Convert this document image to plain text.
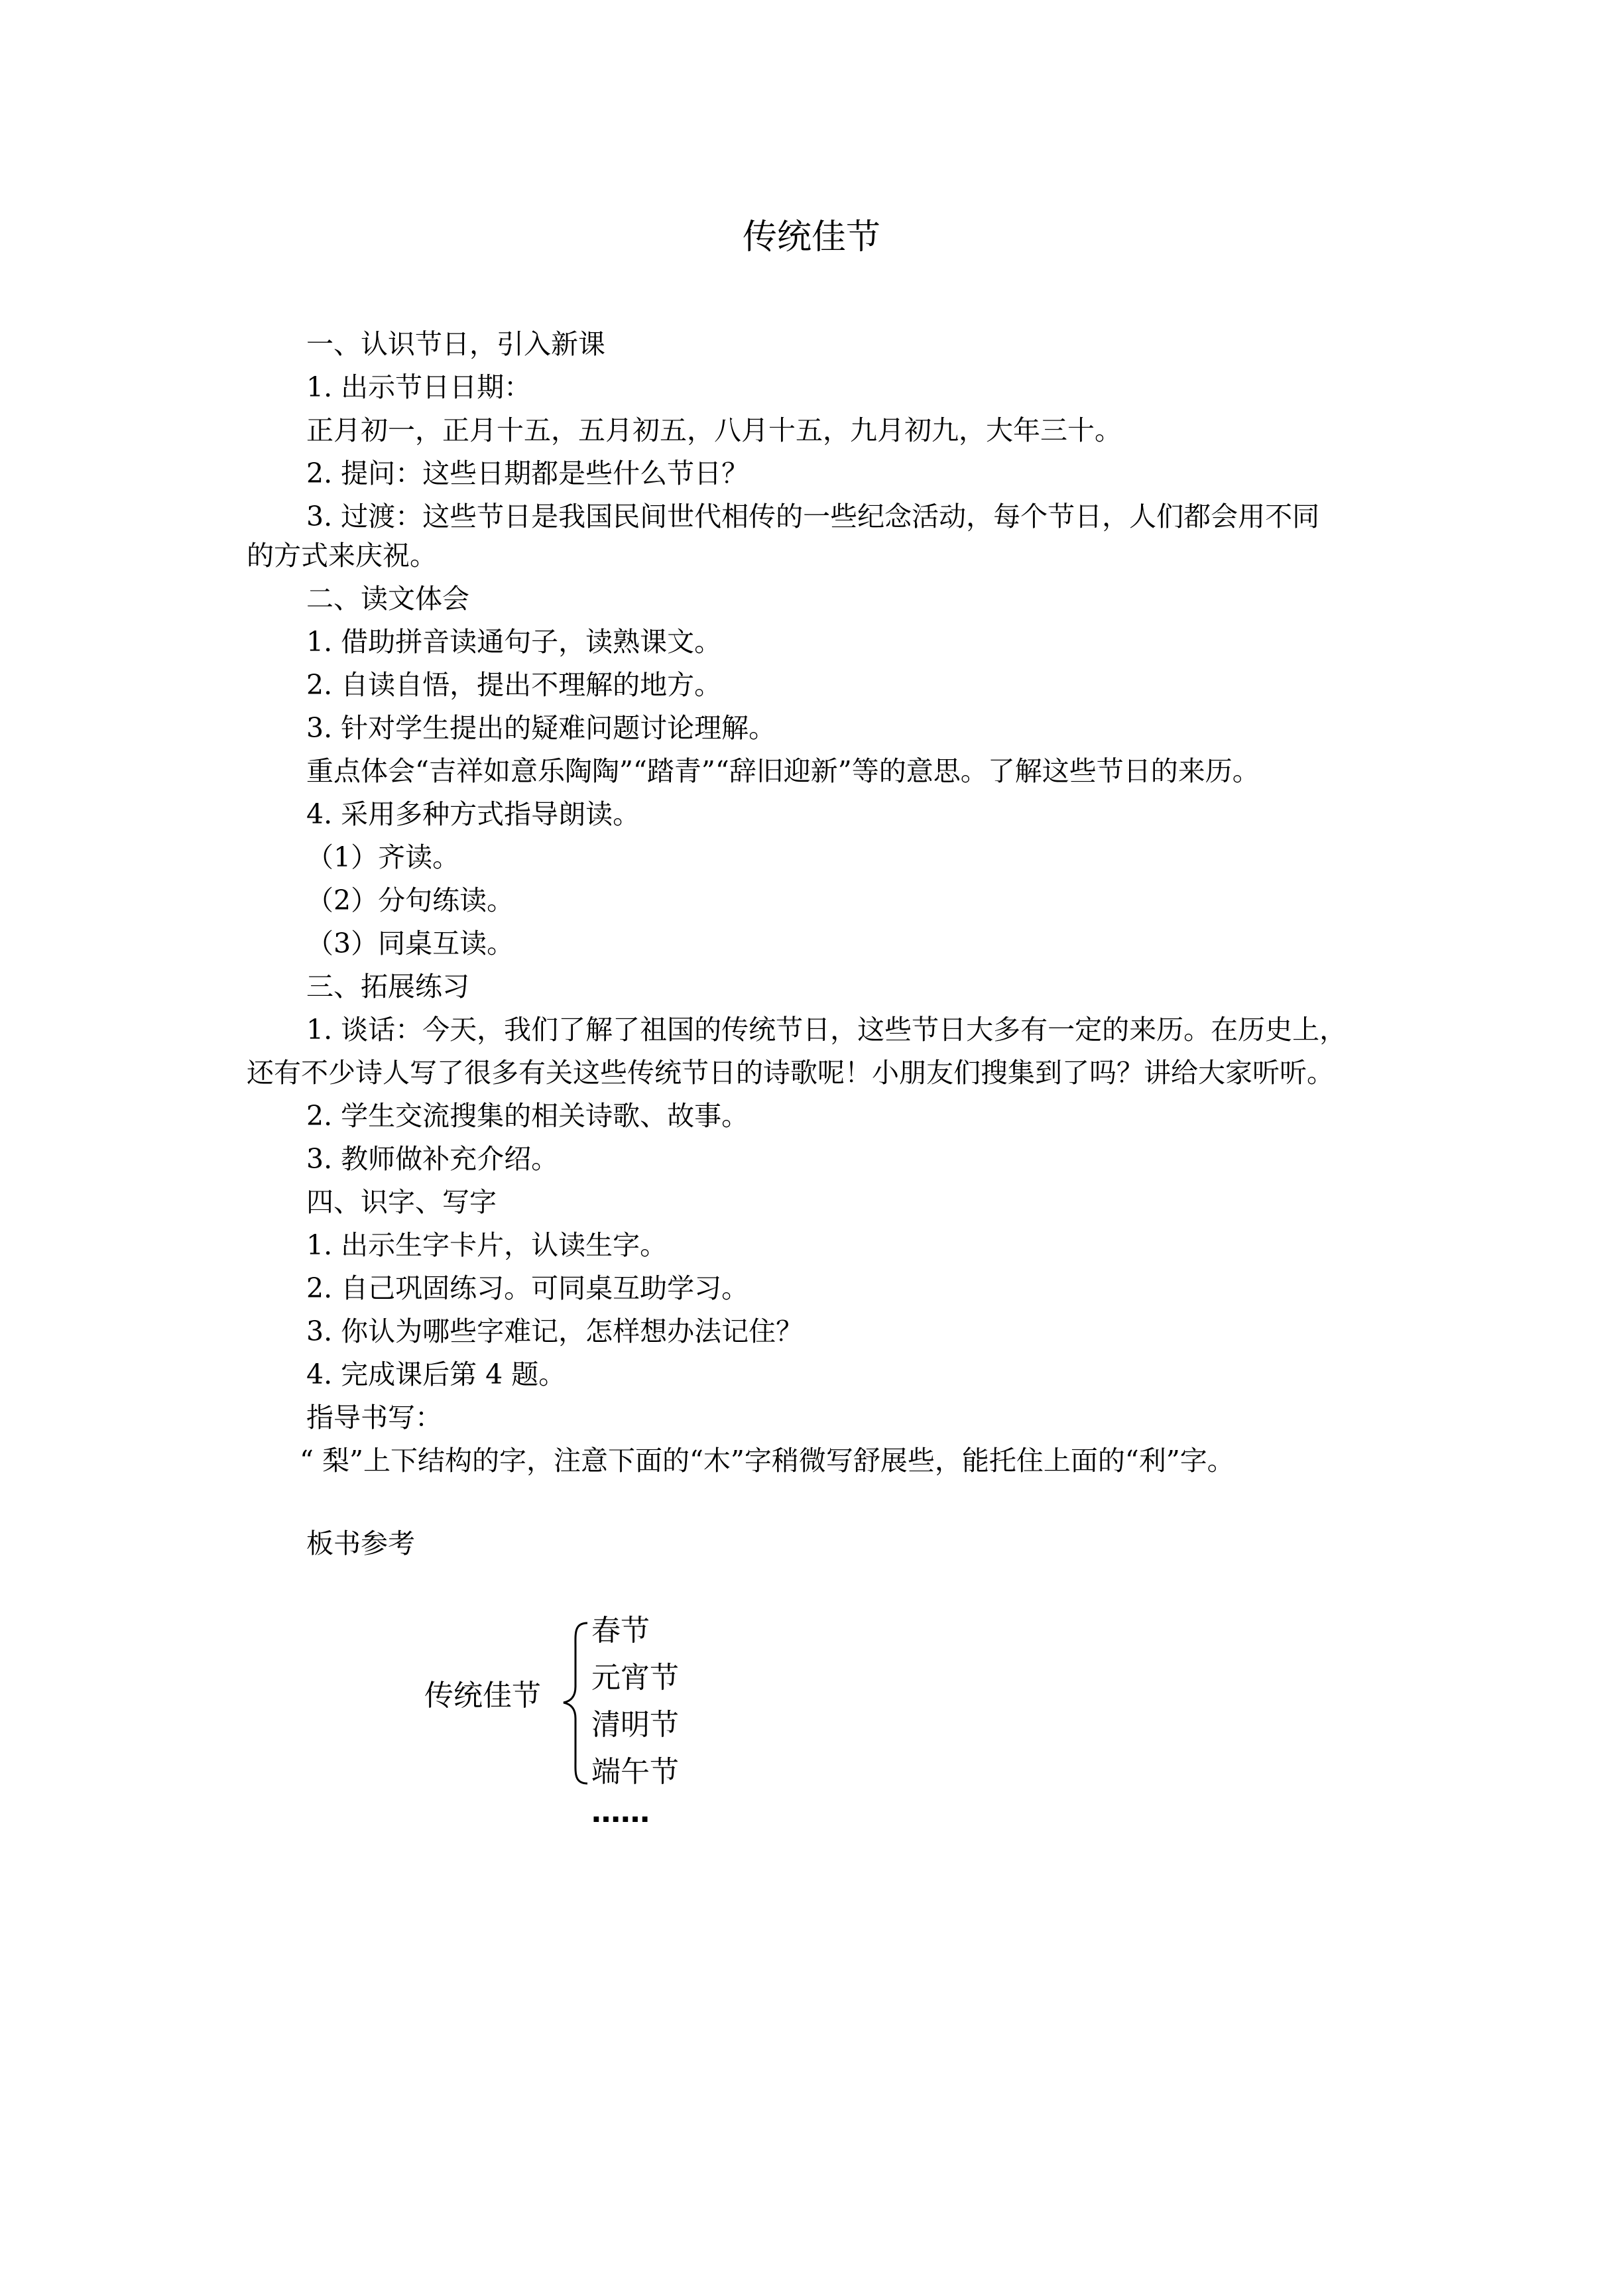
传统佳节

一、认识节日，引入新课

1. 出示节日日期：

正月初一，正月十五，五月初五，八月十五，九月初九，大年三十。

2. 提问：这些日期都是些什么节日？

3. 过渡：这些节日是我国民间世代相传的一些纪念活动，每个节日，人们都会用不同

的方式来庆祝。

二、读文体会

1. 借助拼音读通句子，读熟课文。

2. 自读自悟，提出不理解的地方。

3. 针对学生提出的疑难问题讨论理解。

重点体会“吉祥如意乐陶陶”“踏青”“辞旧迎新”等的意思。了解这些节日的来历。

4. 采用多种方式指导朗读。

（1）齐读。

（2）分句练读。

（3）同桌互读。

三、拓展练习

1. 谈话：今天，我们了解了祖国的传统节日，这些节日大多有一定的来历。在历史上，

还有不少诗人写了很多有关这些传统节日的诗歌呢！小朋友们搜集到了吗？讲给大家听听。

2. 学生交流搜集的相关诗歌、故事。

3. 教师做补充介绍。

四、识字、写字

1. 出示生字卡片，认读生字。

2. 自己巩固练习。可同桌互助学习。

3. 你认为哪些字难记，怎样想办法记住？

4. 完成课后第 4 题。

指导书写：

“ 梨”上下结构的字，注意下面的“木”字稍微写舒展些，能托住上面的“利”字。

板书参考
传统佳节
春节
元宵节
清明节
端午节
……
